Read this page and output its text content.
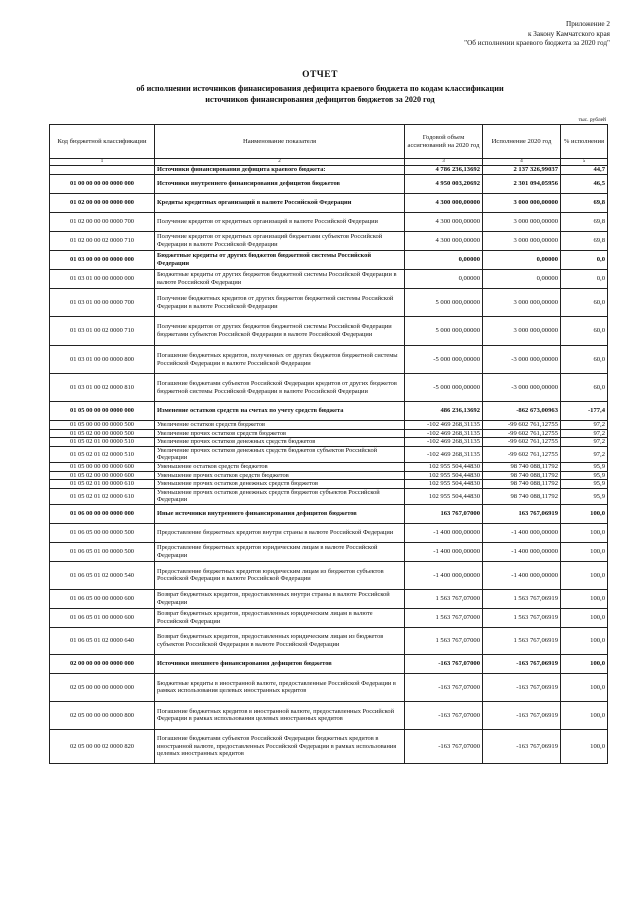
Приложение 2
к Закону Камчатского края
"Об исполнении краевого бюджета за 2020 год"
ОТЧЕТ
об исполнении источников финансирования дефицита краевого бюджета по кодам классификации
источников финансирования дефицитов бюджетов за 2020 год
тыс. рублей
Код бюджетной классификации	Наименование показателя	Годовой объем ассигнований на 2020 год	Исполнение 2020 год	% исполнения
1	2	3	4	5
	Источники финансирования дефицита краевого бюджета:	4 786 236,13692	2 137 326,99037	44,7
01 00 00 00 00 0000 000	Источники внутреннего финансирования дефицитов бюджетов	4 950 003,20692	2 301 094,05956	46,5
01 02 00 00 00 0000 000	Кредиты кредитных организаций в валюте Российской Федерации	4 300 000,00000	3 000 000,00000	69,8
01 02 00 00 00 0000 700	Получение кредитов от кредитных организаций в валюте Российской Федерации	4 300 000,00000	3 000 000,00000	69,8
01 02 00 00 02 0000 710	Получение кредитов от кредитных организаций бюджетами субъектов Российской Федерации в валюте Российской Федерации	4 300 000,00000	3 000 000,00000	69,8
01 03 00 00 00 0000 000	Бюджетные кредиты от других бюджетов бюджетной системы Российской Федерации	0,00000	0,00000	0,0
01 03 01 00 00 0000 000	Бюджетные кредиты от других бюджетов бюджетной системы Российской Федерации в валюте Российской Федерации	0,00000	0,00000	0,0
01 03 01 00 00 0000 700	Получение бюджетных кредитов от других бюджетов бюджетной системы Российской Федерации в валюте Российской Федерации	5 000 000,00000	3 000 000,00000	60,0
01 03 01 00 02 0000 710	Получение кредитов от других бюджетов бюджетной системы Российской Федерации бюджетами субъектов Российской Федерации в валюте Российской Федерации	5 000 000,00000	3 000 000,00000	60,0
01 03 01 00 00 0000 800	Погашение бюджетных кредитов, полученных от других бюджетов бюджетной системы Российской Федерации в валюте Российской Федерации	-5 000 000,00000	-3 000 000,00000	60,0
01 03 01 00 02 0000 810	Погашение бюджетами субъектов Российской Федерации кредитов от других бюджетов бюджетной системы Российской Федерации в валюте Российской Федерации	-5 000 000,00000	-3 000 000,00000	60,0
01 05 00 00 00 0000 000	Изменение остатков средств на счетах по учету средств бюджета	486 236,13692	-862 673,00963	-177,4
01 05 00 00 00 0000 500	Увеличение остатков средств бюджетов	-102 469 268,31135	-99 602 761,12755	97,2
01 05 02 00 00 0000 500	Увеличение прочих остатков средств бюджетов	-102 469 268,31135	-99 602 761,12755	97,2
01 05 02 01 00 0000 510	Увеличение прочих остатков денежных средств бюджетов	-102 469 268,31135	-99 602 761,12755	97,2
01 05 02 01 02 0000 510	Увеличение прочих остатков денежных средств бюджетов субъектов Российской Федерации	-102 469 268,31135	-99 602 761,12755	97,2
01 05 00 00 00 0000 600	Уменьшение остатков средств бюджетов	102 955 504,44830	98 740 088,11792	95,9
01 05 02 00 00 0000 600	Уменьшение прочих остатков средств бюджетов	102 955 504,44830	98 740 088,11792	95,9
01 05 02 01 00 0000 610	Уменьшение прочих остатков денежных средств бюджетов	102 955 504,44830	98 740 088,11792	95,9
01 05 02 01 02 0000 610	Уменьшение прочих остатков денежных средств бюджетов субъектов Российской Федерации	102 955 504,44830	98 740 088,11792	95,9
01 06 00 00 00 0000 000	Иные источники внутреннего финансирования дефицитов бюджетов	163 767,07000	163 767,06919	100,0
01 06 05 00 00 0000 500	Предоставление бюджетных кредитов внутри страны в валюте Российской Федерации	-1 400 000,00000	-1 400 000,00000	100,0
01 06 05 01 00 0000 500	Предоставление бюджетных кредитов юридическим лицам в валюте Российской Федерации	-1 400 000,00000	-1 400 000,00000	100,0
01 06 05 01 02 0000 540	Предоставление бюджетных кредитов юридическим лицам из бюджетов субъектов Российской Федерации в валюте Российской Федерации	-1 400 000,00000	-1 400 000,00000	100,0
01 06 05 00 00 0000 600	Возврат бюджетных кредитов, предоставленных внутри страны в валюте Российской Федерации	1 563 767,07000	1 563 767,06919	100,0
01 06 05 01 00 0000 600	Возврат бюджетных кредитов, предоставленных юридическим лицам в валюте Российской Федерации	1 563 767,07000	1 563 767,06919	100,0
01 06 05 01 02 0000 640	Возврат бюджетных кредитов, предоставленных юридическим лицам из бюджетов субъектов Российской Федерации в валюте Российской Федерации	1 563 767,07000	1 563 767,06919	100,0
02 00 00 00 00 0000 000	Источники внешнего финансирования дефицитов бюджетов	-163 767,07000	-163 767,06919	100,0
02 05 00 00 00 0000 000	Бюджетные кредиты в иностранной валюте, предоставленные Российской Федерации в рамках использования целевых иностранных кредитов	-163 767,07000	-163 767,06919	100,0
02 05 00 00 00 0000 800	Погашение бюджетных кредитов в иностранной валюте, предоставленных Российской Федерации в рамках использования целевых иностранных кредитов	-163 767,07000	-163 767,06919	100,0
02 05 00 00 02 0000 820	Погашение бюджетами субъектов Российской Федерации бюджетных кредитов в иностранной валюте, предоставленных Российской Федерации в рамках использования целевых иностранных кредитов	-163 767,07000	-163 767,06919	100,0
